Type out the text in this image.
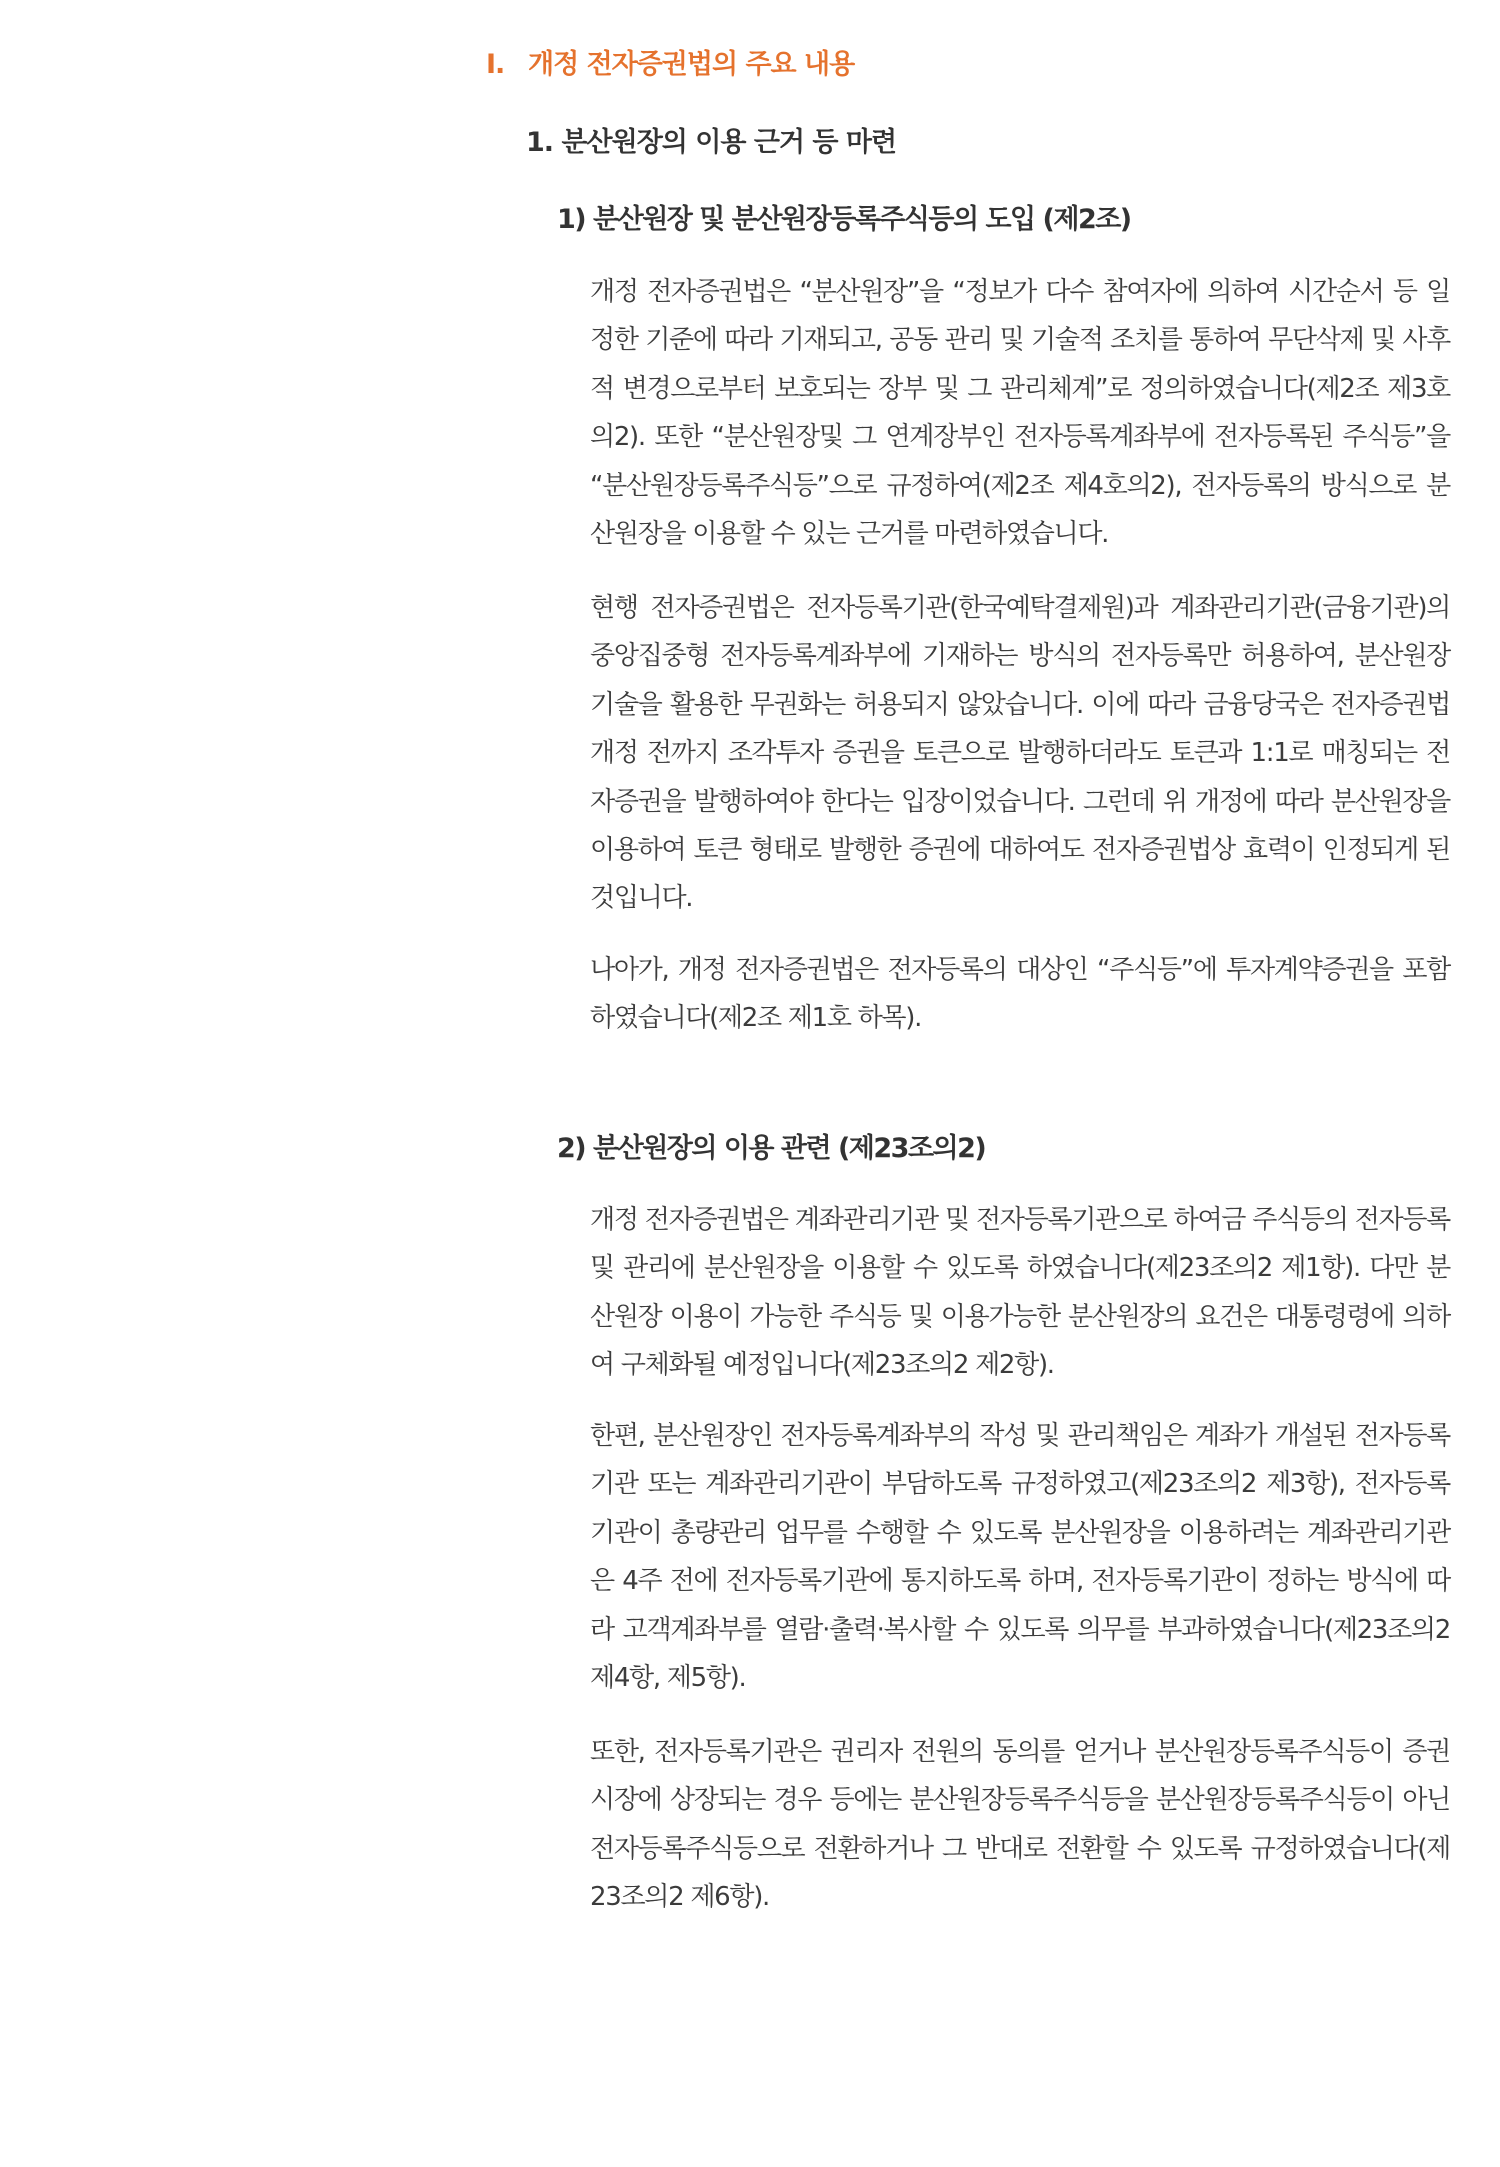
I. 개정 전자증권법의 주요 내용
1. 분산원장의 이용 근거 등 마련
1) 분산원장 및 분산원장등록주식등의 도입 (제2조)

개정 전자증권법은 “분산원장”을 “정보가 다수 참여자에 의하여 시간순서 등 일정한 기준에 따라 기재되고, 공동 관리 및 기술적 조치를 통하여 무단삭제 및 사후적 변경으로부터 보호되는 장부 및 그 관리체계”로 정의하였습니다(제2조 제3호의2). 또한 “분산원장및 그 연계장부인 전자등록계좌부에 전자등록된 주식등”을 “분산원장등록주식등”으로 규정하여(제2조 제4호의2), 전자등록의 방식으로 분산원장을 이용할 수 있는 근거를 마련하였습니다.

현행 전자증권법은 전자등록기관(한국예탁결제원)과 계좌관리기관(금융기관)의 중앙집중형 전자등록계좌부에 기재하는 방식의 전자등록만 허용하여, 분산원장 기술을 활용한 무권화는 허용되지 않았습니다. 이에 따라 금융당국은 전자증권법 개정 전까지 조각투자 증권을 토큰으로 발행하더라도 토큰과 1:1로 매칭되는 전자증권을 발행하여야 한다는 입장이었습니다. 그런데 위 개정에 따라 분산원장을 이용하여 토큰 형태로 발행한 증권에 대하여도 전자증권법상 효력이 인정되게 된 것입니다.

나아가, 개정 전자증권법은 전자등록의 대상인 “주식등”에 투자계약증권을 포함하였습니다(제2조 제1호 하목).

2) 분산원장의 이용 관련 (제23조의2)

개정 전자증권법은 계좌관리기관 및 전자등록기관으로 하여금 주식등의 전자등록 및 관리에 분산원장을 이용할 수 있도록 하였습니다(제23조의2 제1항). 다만 분산원장 이용이 가능한 주식등 및 이용가능한 분산원장의 요건은 대통령령에 의하여 구체화될 예정입니다(제23조의2 제2항).

한편, 분산원장인 전자등록계좌부의 작성 및 관리책임은 계좌가 개설된 전자등록기관 또는 계좌관리기관이 부담하도록 규정하였고(제23조의2 제3항), 전자등록기관이 총량관리 업무를 수행할 수 있도록 분산원장을 이용하려는 계좌관리기관은 4주 전에 전자등록기관에 통지하도록 하며, 전자등록기관이 정하는 방식에 따라 고객계좌부를 열람·출력·복사할 수 있도록 의무를 부과하였습니다(제23조의2 제4항, 제5항).

또한, 전자등록기관은 권리자 전원의 동의를 얻거나 분산원장등록주식등이 증권시장에 상장되는 경우 등에는 분산원장등록주식등을 분산원장등록주식등이 아닌 전자등록주식등으로 전환하거나 그 반대로 전환할 수 있도록 규정하였습니다(제23조의2 제6항).
